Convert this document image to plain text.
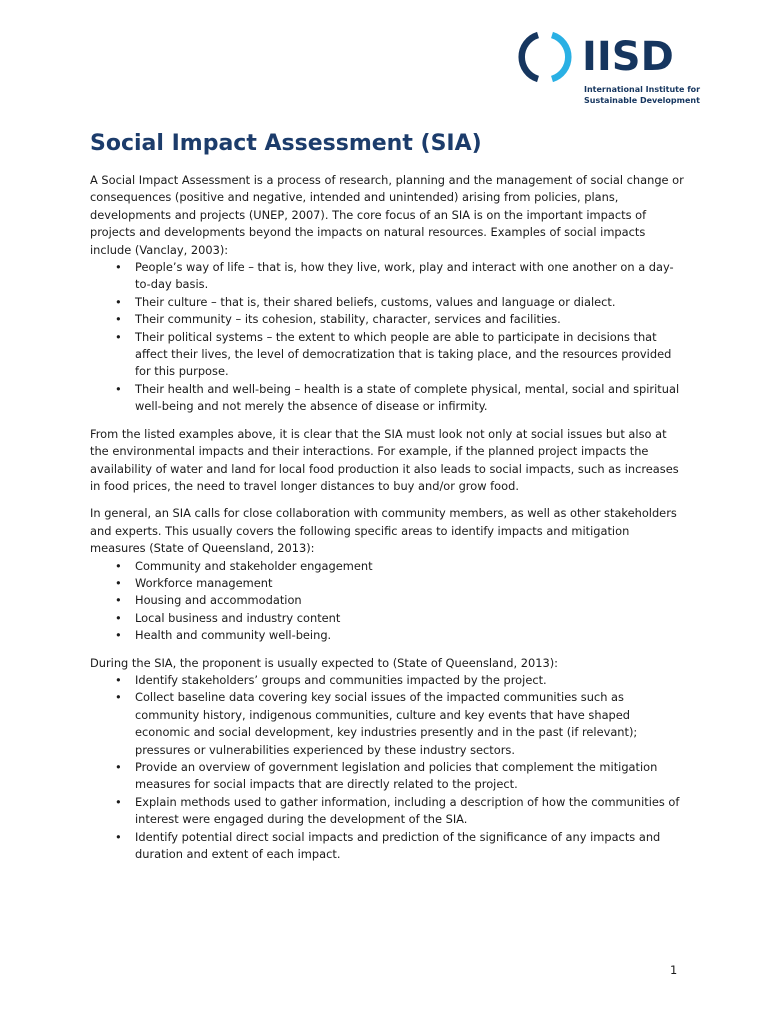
IISD
International Institute for
Sustainable Development
Social Impact Assessment (SIA)

A Social Impact Assessment is a process of research, planning and the management of social change or consequences (positive and negative, intended and unintended) arising from policies, plans, developments and projects (UNEP, 2007). The core focus of an SIA is on the important impacts of projects and developments beyond the impacts on natural resources. Examples of social impacts include (Vanclay, 2003):

• People’s way of life – that is, how they live, work, play and interact with one another on a day-to-day basis.
• Their culture – that is, their shared beliefs, customs, values and language or dialect.
• Their community – its cohesion, stability, character, services and facilities.
• Their political systems – the extent to which people are able to participate in decisions that affect their lives, the level of democratization that is taking place, and the resources provided for this purpose.
• Their health and well-being – health is a state of complete physical, mental, social and spiritual well-being and not merely the absence of disease or infirmity.

From the listed examples above, it is clear that the SIA must look not only at social issues but also at the environmental impacts and their interactions. For example, if the planned project impacts the availability of water and land for local food production it also leads to social impacts, such as increases in food prices, the need to travel longer distances to buy and/or grow food.

In general, an SIA calls for close collaboration with community members, as well as other stakeholders and experts. This usually covers the following specific areas to identify impacts and mitigation measures (State of Queensland, 2013):

• Community and stakeholder engagement
• Workforce management
• Housing and accommodation
• Local business and industry content
• Health and community well-being.

During the SIA, the proponent is usually expected to (State of Queensland, 2013):

• Identify stakeholders’ groups and communities impacted by the project.
• Collect baseline data covering key social issues of the impacted communities such as community history, indigenous communities, culture and key events that have shaped economic and social development, key industries presently and in the past (if relevant); pressures or vulnerabilities experienced by these industry sectors.
• Provide an overview of government legislation and policies that complement the mitigation measures for social impacts that are directly related to the project.
• Explain methods used to gather information, including a description of how the communities of interest were engaged during the development of the SIA.
• Identify potential direct social impacts and prediction of the significance of any impacts and duration and extent of each impact.
1
